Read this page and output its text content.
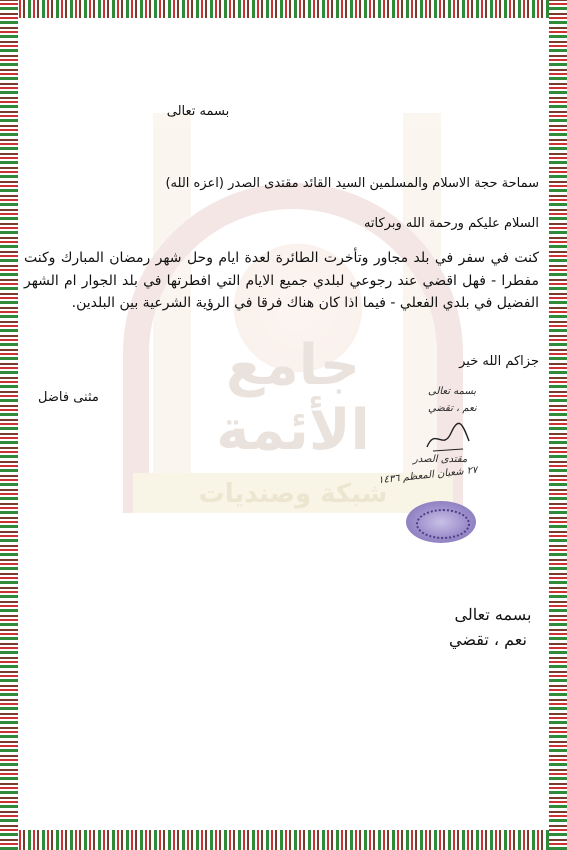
جامع الأئمة
شبكة وصنديات
بسمه تعالى
سماحة حجة الاسلام والمسلمين السيد القائد مقتدى الصدر (اعزه الله)
السلام عليكم ورحمة الله وبركاته
كنت في سفر في بلد مجاور وتأخرت الطائرة لعدة ايام وحل شهر رمضان المبارك وكنت مفطرا - فهل اقضي عند رجوعي لبلدي جميع الايام التي افطرتها في بلد الجوار ام الشهر الفضيل في بلدي الفعلي - فيما اذا كان هناك فرقا في الرؤية الشرعية بين البلدين.
جزاكم الله خير
مثنى فاضل	بسمه تعالى
نعم ، تقضي
مقتدى الصدر
٢٧ شعبان المعظم ١٤٣٦
بسمه تعالى
نعم ، تقضي
